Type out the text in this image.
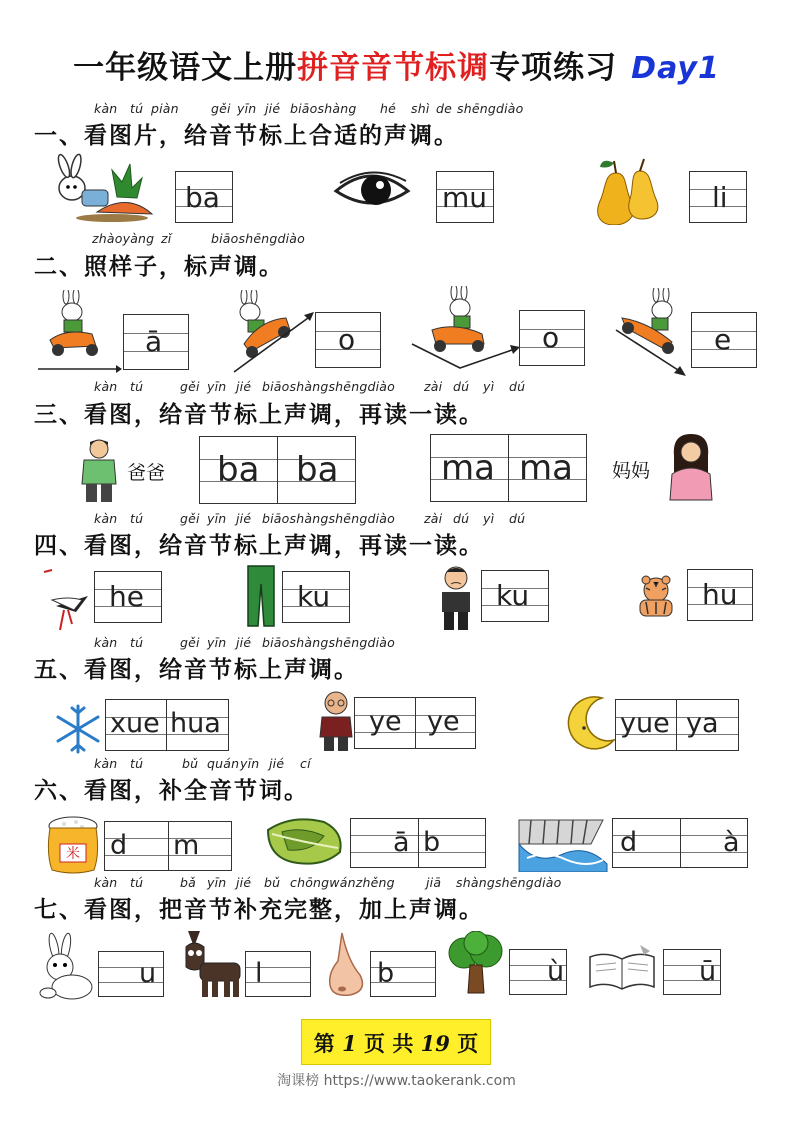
一年级语文上册拼音音节标调专项练习 Day1
kàn tú piàn	gěi yīn jié biāoshàng hé shì de shēngdiào
一、看图片，给音节标上合适的声调。
ba	mu	li
zhàoyàng zǐ	biāoshēngdiào
二、照样子，标声调。
ā	o	o	e
kàn tú	gěi yīn jié biāoshàngshēngdiào zài dú yì dú
三、看图，给音节标上声调，再读一读。
爸爸 ba ba	ma ma 妈妈
kàn tú	gěi yīn jié biāoshàngshēngdiào zài dú yì dú
四、看图，给音节标上声调，再读一读。
he	ku	ku	hu
kàn tú	gěi yīn jié biāoshàngshēngdiào
五、看图，给音节标上声调。
xue hua	ye ye	yue ya
kàn tú	bǔ quán yīn jié cí
六、看图，补全音节词。
米 d m	ā b	d	à
kàn tú	bǎ yīn jié bǔ chōngwánzhěng	jiā shàngshēngdiào
七、看图，把音节补充完整，加上声调。
u	l	b	ù	ū
第 1 页 共 19 页
淘课榜 https://www.taokerank.com
